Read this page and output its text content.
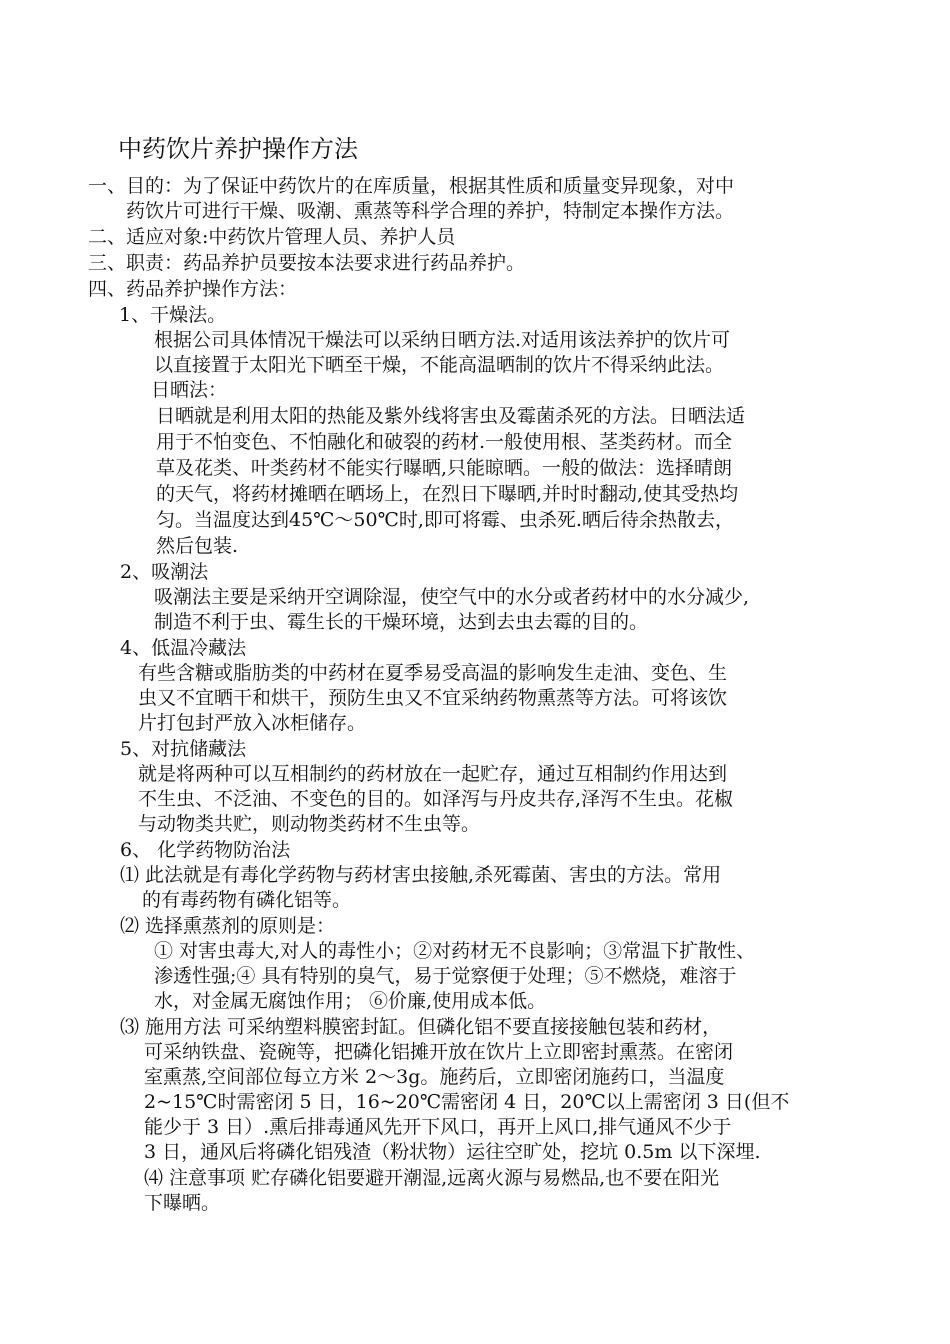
中药饮片养护操作方法
一、目的：为了保证中药饮片的在库质量，根据其性质和质量变异现象，对中
药饮片可进行干燥、吸潮、熏蒸等科学合理的养护，特制定本操作方法。
二、适应对象:中药饮片管理人员、养护人员
三、职责：药品养护员要按本法要求进行药品养护。
四、药品养护操作方法：
1、干燥法。
根据公司具体情况干燥法可以采纳日晒方法.对适用该法养护的饮片可
以直接置于太阳光下晒至干燥，不能高温晒制的饮片不得采纳此法。
日晒法：
日晒就是利用太阳的热能及紫外线将害虫及霉菌杀死的方法。日晒法适
用于不怕变色、不怕融化和破裂的药材.一般使用根、茎类药材。而全
草及花类、叶类药材不能实行曝晒,只能晾晒。一般的做法：选择晴朗
的天气，将药材摊晒在晒场上，在烈日下曝晒,并时时翻动,使其受热均
匀。当温度达到45℃～50℃时,即可将霉、虫杀死.晒后待余热散去，
然后包装.
2、吸潮法
吸潮法主要是采纳开空调除湿，使空气中的水分或者药材中的水分减少,
制造不利于虫、霉生长的干燥环境，达到去虫去霉的目的。
4、低温冷藏法
有些含糖或脂肪类的中药材在夏季易受高温的影响发生走油、变色、生
虫又不宜晒干和烘干，预防生虫又不宜采纳药物熏蒸等方法。可将该饮
片打包封严放入冰柜储存。
5、对抗储藏法
就是将两种可以互相制约的药材放在一起贮存，通过互相制约作用达到
不生虫、不泛油、不变色的目的。如泽泻与丹皮共存,泽泻不生虫。花椒
与动物类共贮，则动物类药材不生虫等。
6、 化学药物防治法
⑴ 此法就是有毒化学药物与药材害虫接触,杀死霉菌、害虫的方法。常用
的有毒药物有磷化铝等。
⑵ 选择熏蒸剂的原则是：
① 对害虫毒大,对人的毒性小；②对药材无不良影响；③常温下扩散性、
渗透性强;④ 具有特别的臭气，易于觉察便于处理；⑤不燃烧，难溶于
水，对金属无腐蚀作用； ⑥价廉,使用成本低。
⑶ 施用方法 可采纳塑料膜密封缸。但磷化铝不要直接接触包装和药材，
可采纳铁盘、瓷碗等，把磷化铝摊开放在饮片上立即密封熏蒸。在密闭
室熏蒸,空间部位每立方米 2～3g。施药后，立即密闭施药口，当温度
2~15℃时需密闭 5 日，16~20℃需密闭 4 日，20℃以上需密闭 3 日(但不
能少于 3 日）.熏后排毒通风先开下风口，再开上风口,排气通风不少于
3 日，通风后将磷化铝残渣（粉状物）运往空旷处，挖坑 0.5m 以下深埋.
⑷ 注意事项 贮存磷化铝要避开潮湿,远离火源与易燃品,也不要在阳光
下曝晒。
